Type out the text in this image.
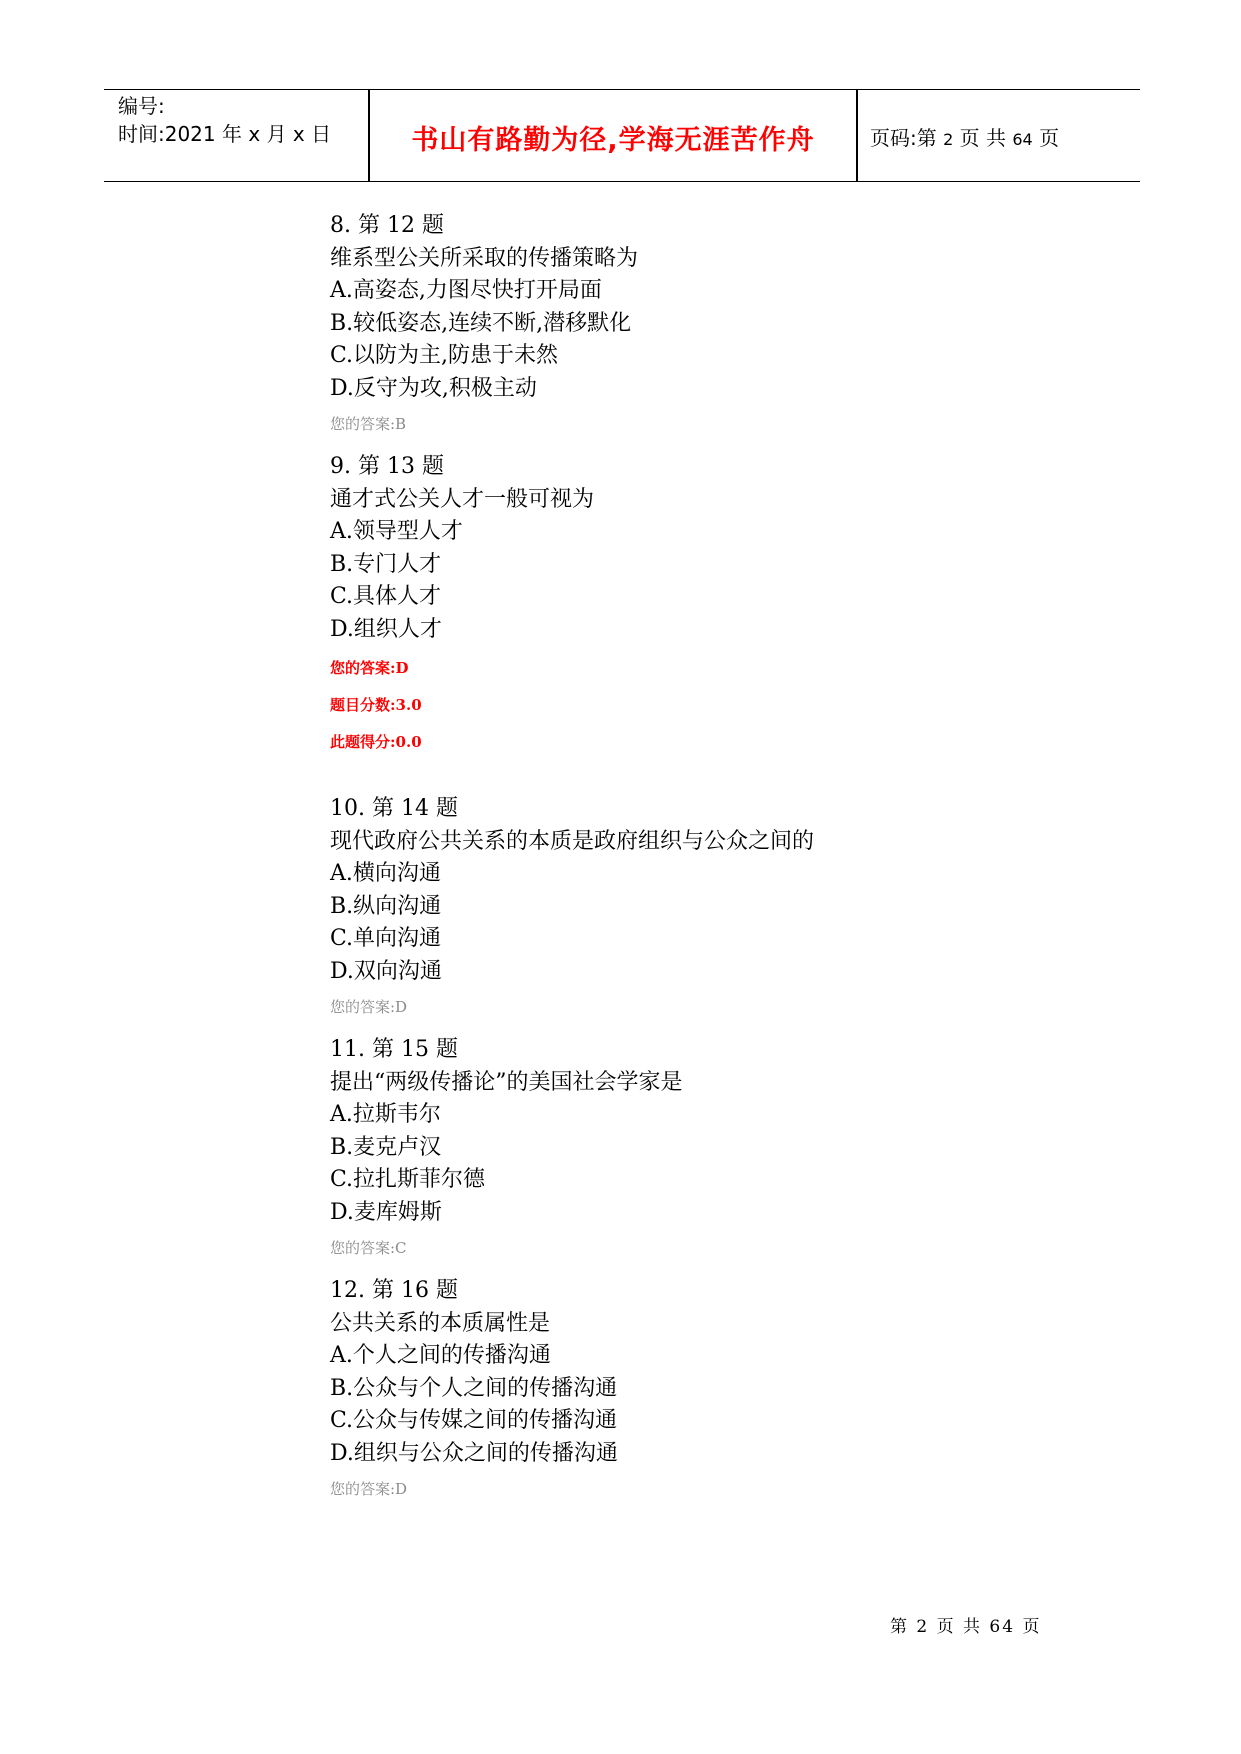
编号:
时间:2021 年 x 月 x 日	书山有路勤为径,学海无涯苦作舟	页码:第 2 页 共 64 页
8. 第 12 题
维系型公关所采取的传播策略为
A.高姿态,力图尽快打开局面
B.较低姿态,连续不断,潜移默化
C.以防为主,防患于未然
D.反守为攻,积极主动
您的答案:B
9. 第 13 题
通才式公关人才一般可视为
A.领导型人才
B.专门人才
C.具体人才
D.组织人才
您的答案:D
题目分数:3.0
此题得分:0.0
10. 第 14 题
现代政府公共关系的本质是政府组织与公众之间的
A.横向沟通
B.纵向沟通
C.单向沟通
D.双向沟通
您的答案:D
11. 第 15 题
提出“两级传播论”的美国社会学家是
A.拉斯韦尔
B.麦克卢汉
C.拉扎斯菲尔德
D.麦库姆斯
您的答案:C
12. 第 16 题
公共关系的本质属性是
A.个人之间的传播沟通
B.公众与个人之间的传播沟通
C.公众与传媒之间的传播沟通
D.组织与公众之间的传播沟通
您的答案:D
第 2 页 共 64 页
